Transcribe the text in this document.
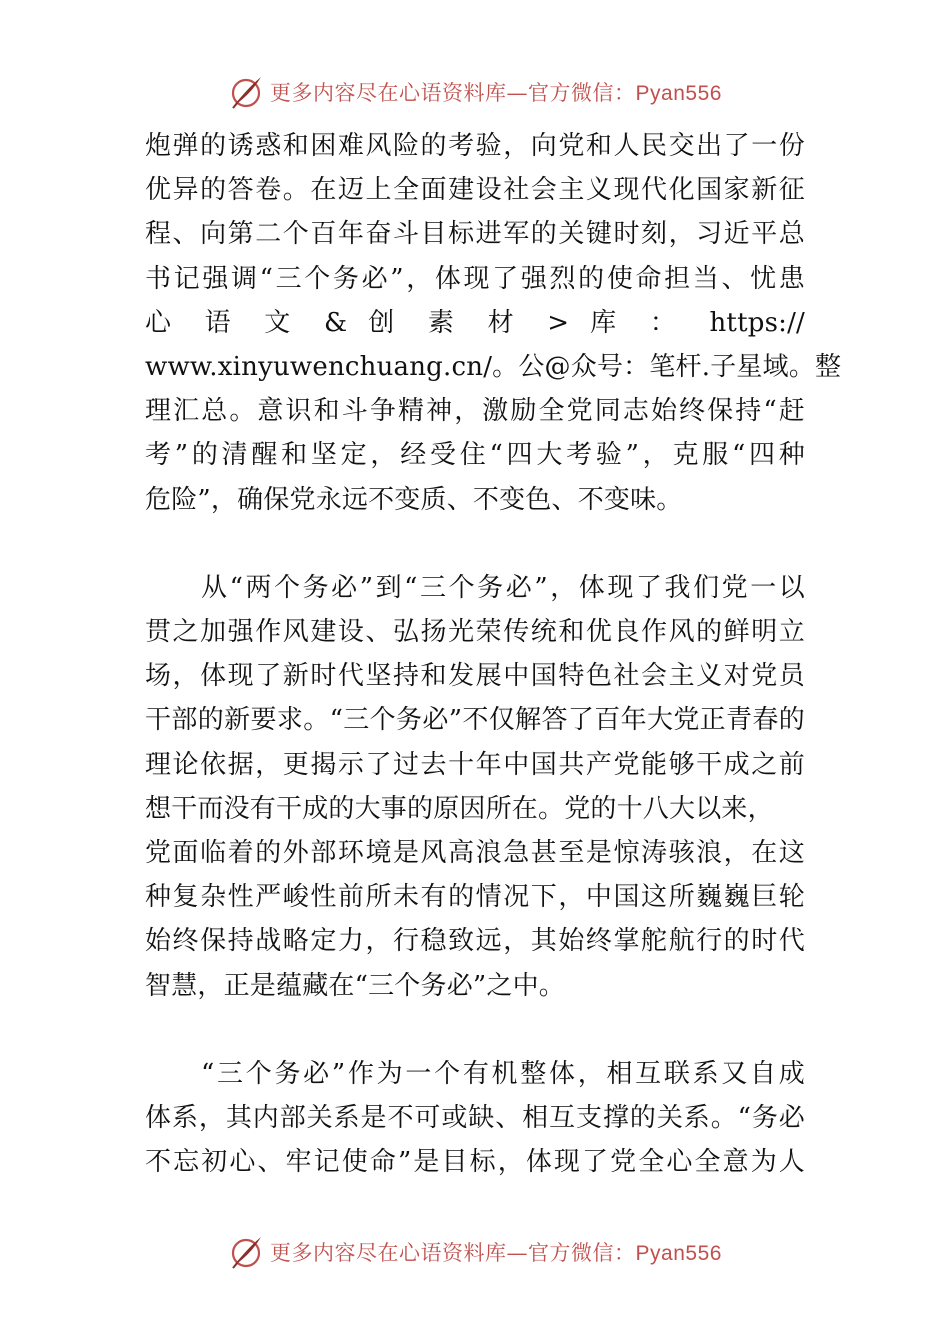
更多内容尽在心语资料库—官方微信：Pyan556
炮弹的诱惑和困难风险的考验，向党和人民交出了一份
优异的答卷。在迈上全面建设社会主义现代化国家新征
程、向第二个百年奋斗目标进军的关键时刻，习近平总
书记强调“三个务必”，体现了强烈的使命担当、忧患
心 语 文 & 创 素 材 > 库 ： https://
www.xinyuwenchuang.cn/。公@众号：笔杆.子星域。整
理汇总。意识和斗争精神，激励全党同志始终保持“赶
考”的清醒和坚定，经受住“四大考验”，克服“四种
危险”，确保党永远不变质、不变色、不变味。
从“两个务必”到“三个务必”，体现了我们党一以
贯之加强作风建设、弘扬光荣传统和优良作风的鲜明立
场，体现了新时代坚持和发展中国特色社会主义对党员
干部的新要求。“三个务必”不仅解答了百年大党正青春的
理论依据，更揭示了过去十年中国共产党能够干成之前
想干而没有干成的大事的原因所在。党的十八大以来，
党面临着的外部环境是风高浪急甚至是惊涛骇浪，在这
种复杂性严峻性前所未有的情况下，中国这所巍巍巨轮
始终保持战略定力，行稳致远，其始终掌舵航行的时代
智慧，正是蕴藏在“三个务必”之中。
“三个务必”作为一个有机整体，相互联系又自成
体系，其内部关系是不可或缺、相互支撑的关系。“务必
不忘初心、牢记使命”是目标，体现了党全心全意为人
更多内容尽在心语资料库—官方微信：Pyan556
